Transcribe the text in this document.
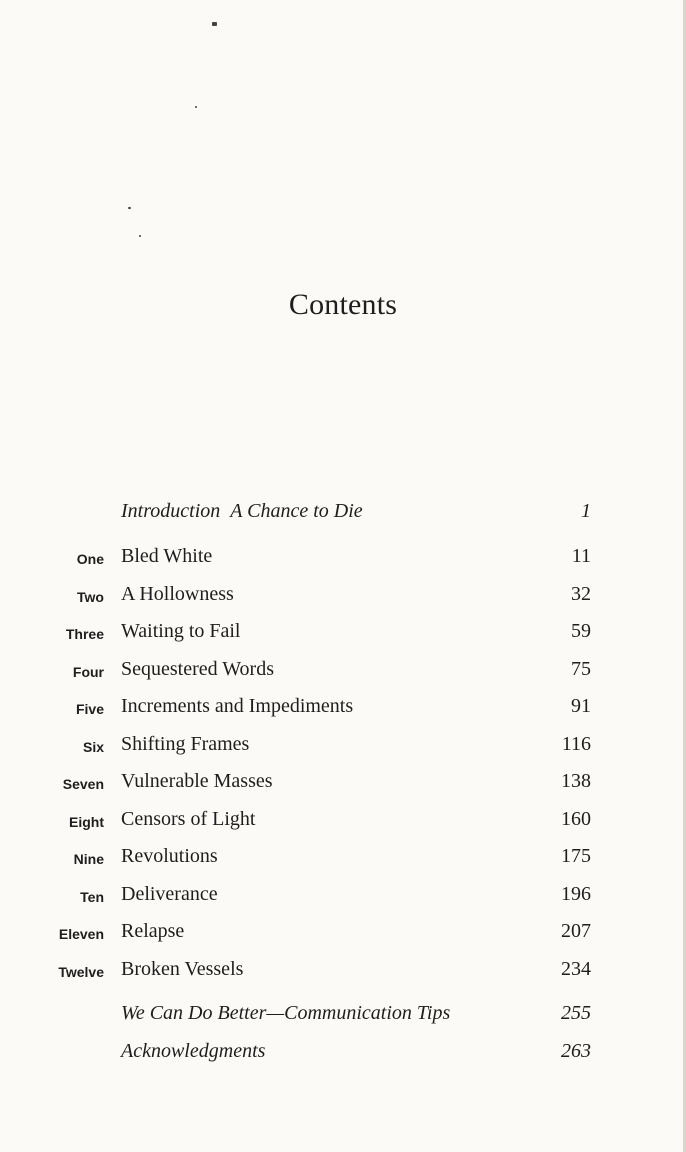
Contents
Introduction A Chance to Die	1
One Bled White	11
Two A Hollowness	32
Three Waiting to Fail	59
Four Sequestered Words	75
Five Increments and Impediments	91
Six Shifting Frames	116
Seven Vulnerable Masses	138
Eight Censors of Light	160
Nine Revolutions	175
Ten Deliverance	196
Eleven Relapse	207
Twelve Broken Vessels	234
We Can Do Better—Communication Tips	255
Acknowledgments	263
